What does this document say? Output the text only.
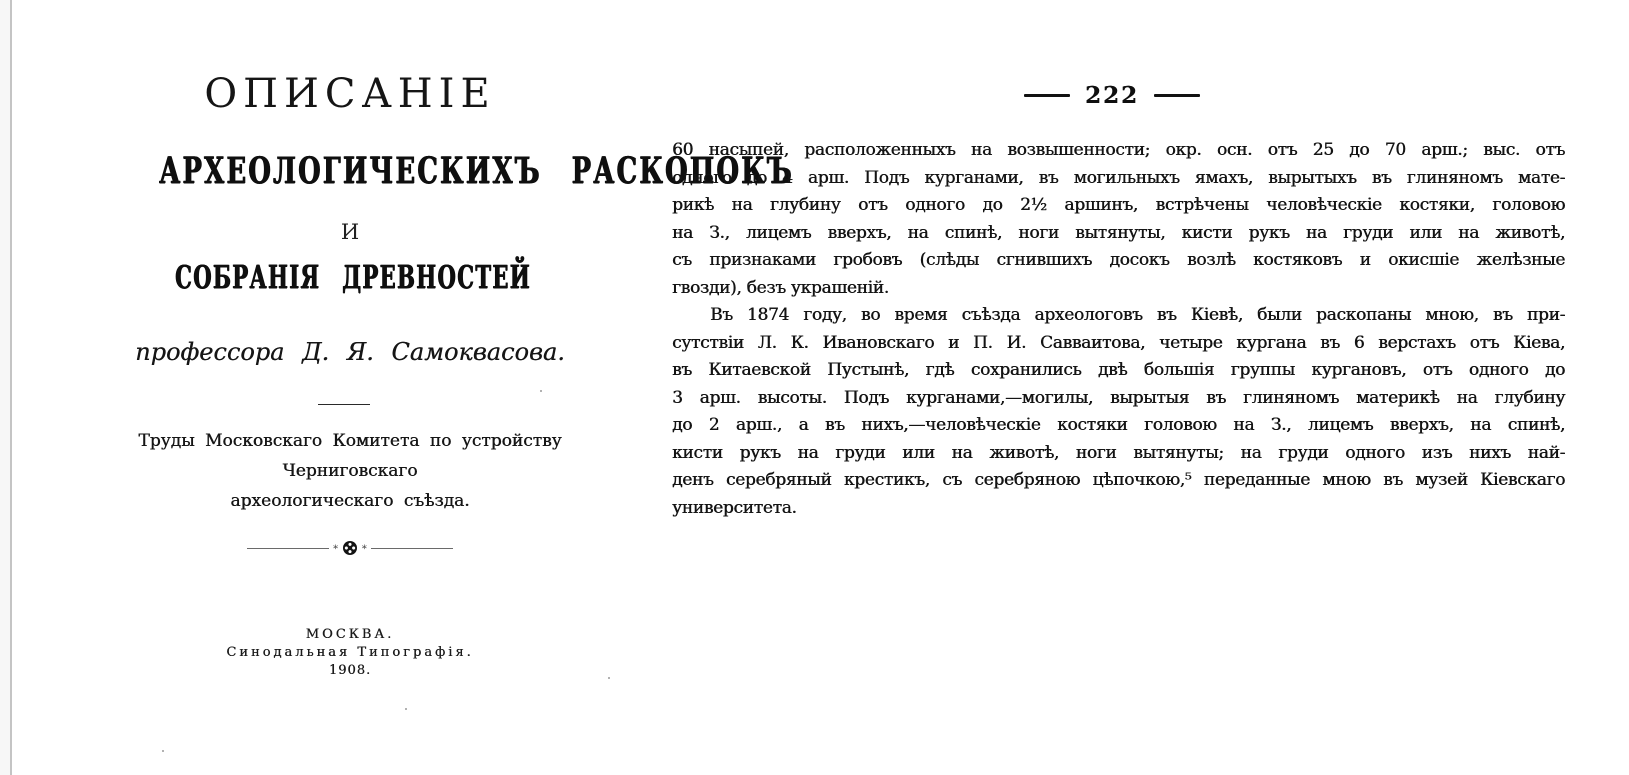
ОПИСАНІЕ
АРХЕОЛОГИЧЕСКИХЪ РАСКОПОКЪ
И
СОБРАНІЯ ДРЕВНОСТЕЙ
профессора Д. Я. Самоквасова.
Труды Московскаго Комитета по устройству Черниговскаго
археологическаго съѣзда.
∗ ∗
МОСКВА.
Синодальная Типографія.
1908.
222
60 насыпей, расположенныхъ на возвышенности; окр. осн. отъ 25 до 70 арш.; выс. отъ
одного до 4 арш. Подъ курганами, въ могильныхъ ямахъ, вырытыхъ въ глиняномъ мате-
рикѣ на глубину отъ одного до 2½ аршинъ, встрѣчены человѣческіе костяки, головою
на З., лицемъ вверхъ, на спинѣ, ноги вытянуты, кисти рукъ на груди или на животѣ,
съ признаками гробовъ (слѣды сгнившихъ досокъ возлѣ костяковъ и окисшіе желѣзные
гвозди), безъ украшеній.
Въ 1874 году, во время съѣзда археологовъ въ Кіевѣ, были раскопаны мною, въ при-
сутствіи Л. К. Ивановскаго и П. И. Савваитова, четыре кургана въ 6 верстахъ отъ Кіева,
въ Китаевской Пустынѣ, гдѣ сохранились двѣ большія группы кургановъ, отъ одного до
3 арш. высоты. Подъ курганами,—могилы, вырытыя въ глиняномъ материкѣ на глубину
до 2 арш., а въ нихъ,—человѣческіе костяки головою на З., лицемъ вверхъ, на спинѣ,
кисти рукъ на груди или на животѣ, ноги вытянуты; на груди одного изъ нихъ най-
денъ серебряный крестикъ, съ серебряною цѣпочкою,⁵ переданные мною въ музей Кіевскаго
университета.
